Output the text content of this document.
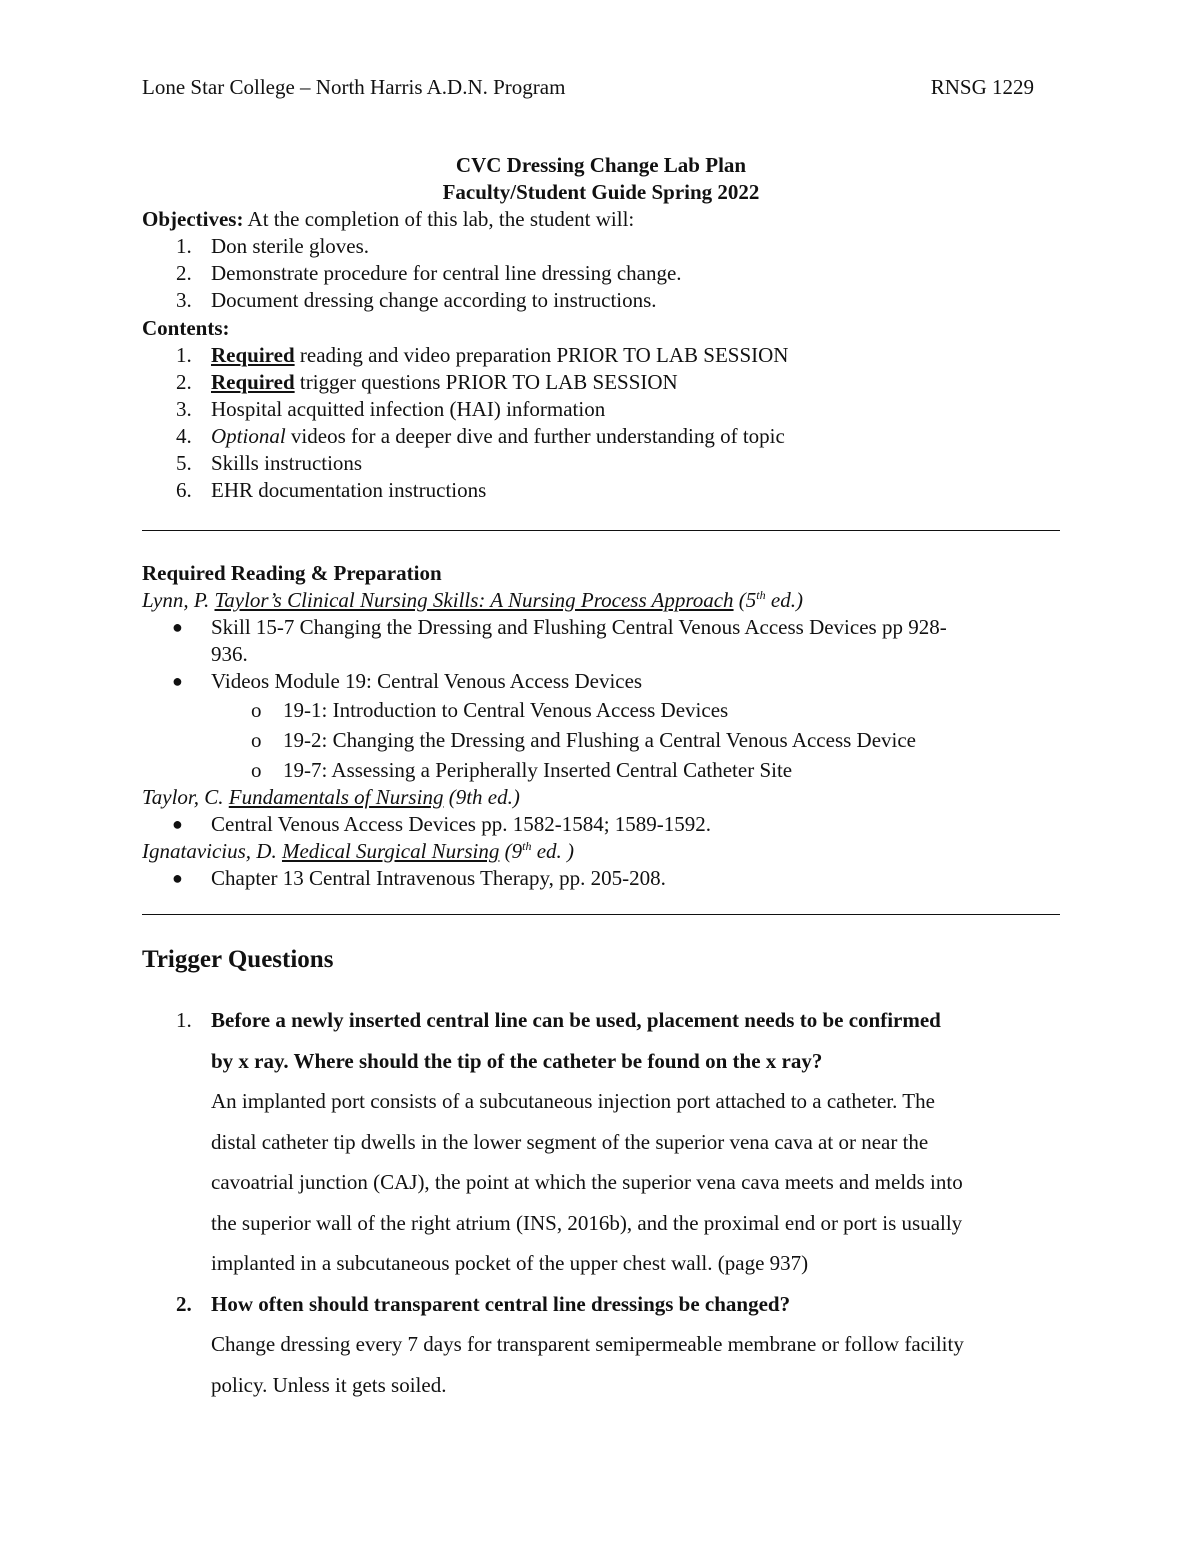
Lone Star College – North Harris A.D.N. Program	RNSG 1229
CVC Dressing Change Lab Plan
Faculty/Student Guide Spring 2022
Objectives: At the completion of this lab, the student will:
1. Don sterile gloves.
2. Demonstrate procedure for central line dressing change.
3. Document dressing change according to instructions.
Contents:
1. Required reading and video preparation PRIOR TO LAB SESSION
2. Required trigger questions PRIOR TO LAB SESSION
3. Hospital acquitted infection (HAI) information
4. Optional videos for a deeper dive and further understanding of topic
5. Skills instructions
6. EHR documentation instructions
Required Reading & Preparation
Lynn, P. Taylor’s Clinical Nursing Skills: A Nursing Process Approach (5th ed.)
● Skill 15-7 Changing the Dressing and Flushing Central Venous Access Devices pp 928-
936.
● Videos Module 19: Central Venous Access Devices
o 19-1: Introduction to Central Venous Access Devices
o 19-2: Changing the Dressing and Flushing a Central Venous Access Device
o 19-7: Assessing a Peripherally Inserted Central Catheter Site
Taylor, C. Fundamentals of Nursing (9th ed.)
● Central Venous Access Devices pp. 1582-1584; 1589-1592.
Ignatavicius, D. Medical Surgical Nursing (9th ed. )
● Chapter 13 Central Intravenous Therapy, pp. 205-208.
Trigger Questions
1. Before a newly inserted central line can be used, placement needs to be confirmed
by x ray. Where should the tip of the catheter be found on the x ray?
An implanted port consists of a subcutaneous injection port attached to a catheter. The
distal catheter tip dwells in the lower segment of the superior vena cava at or near the
cavoatrial junction (CAJ), the point at which the superior vena cava meets and melds into
the superior wall of the right atrium (INS, 2016b), and the proximal end or port is usually
implanted in a subcutaneous pocket of the upper chest wall. (page 937)
2. How often should transparent central line dressings be changed?
Change dressing every 7 days for transparent semipermeable membrane or follow facility
policy. Unless it gets soiled.
